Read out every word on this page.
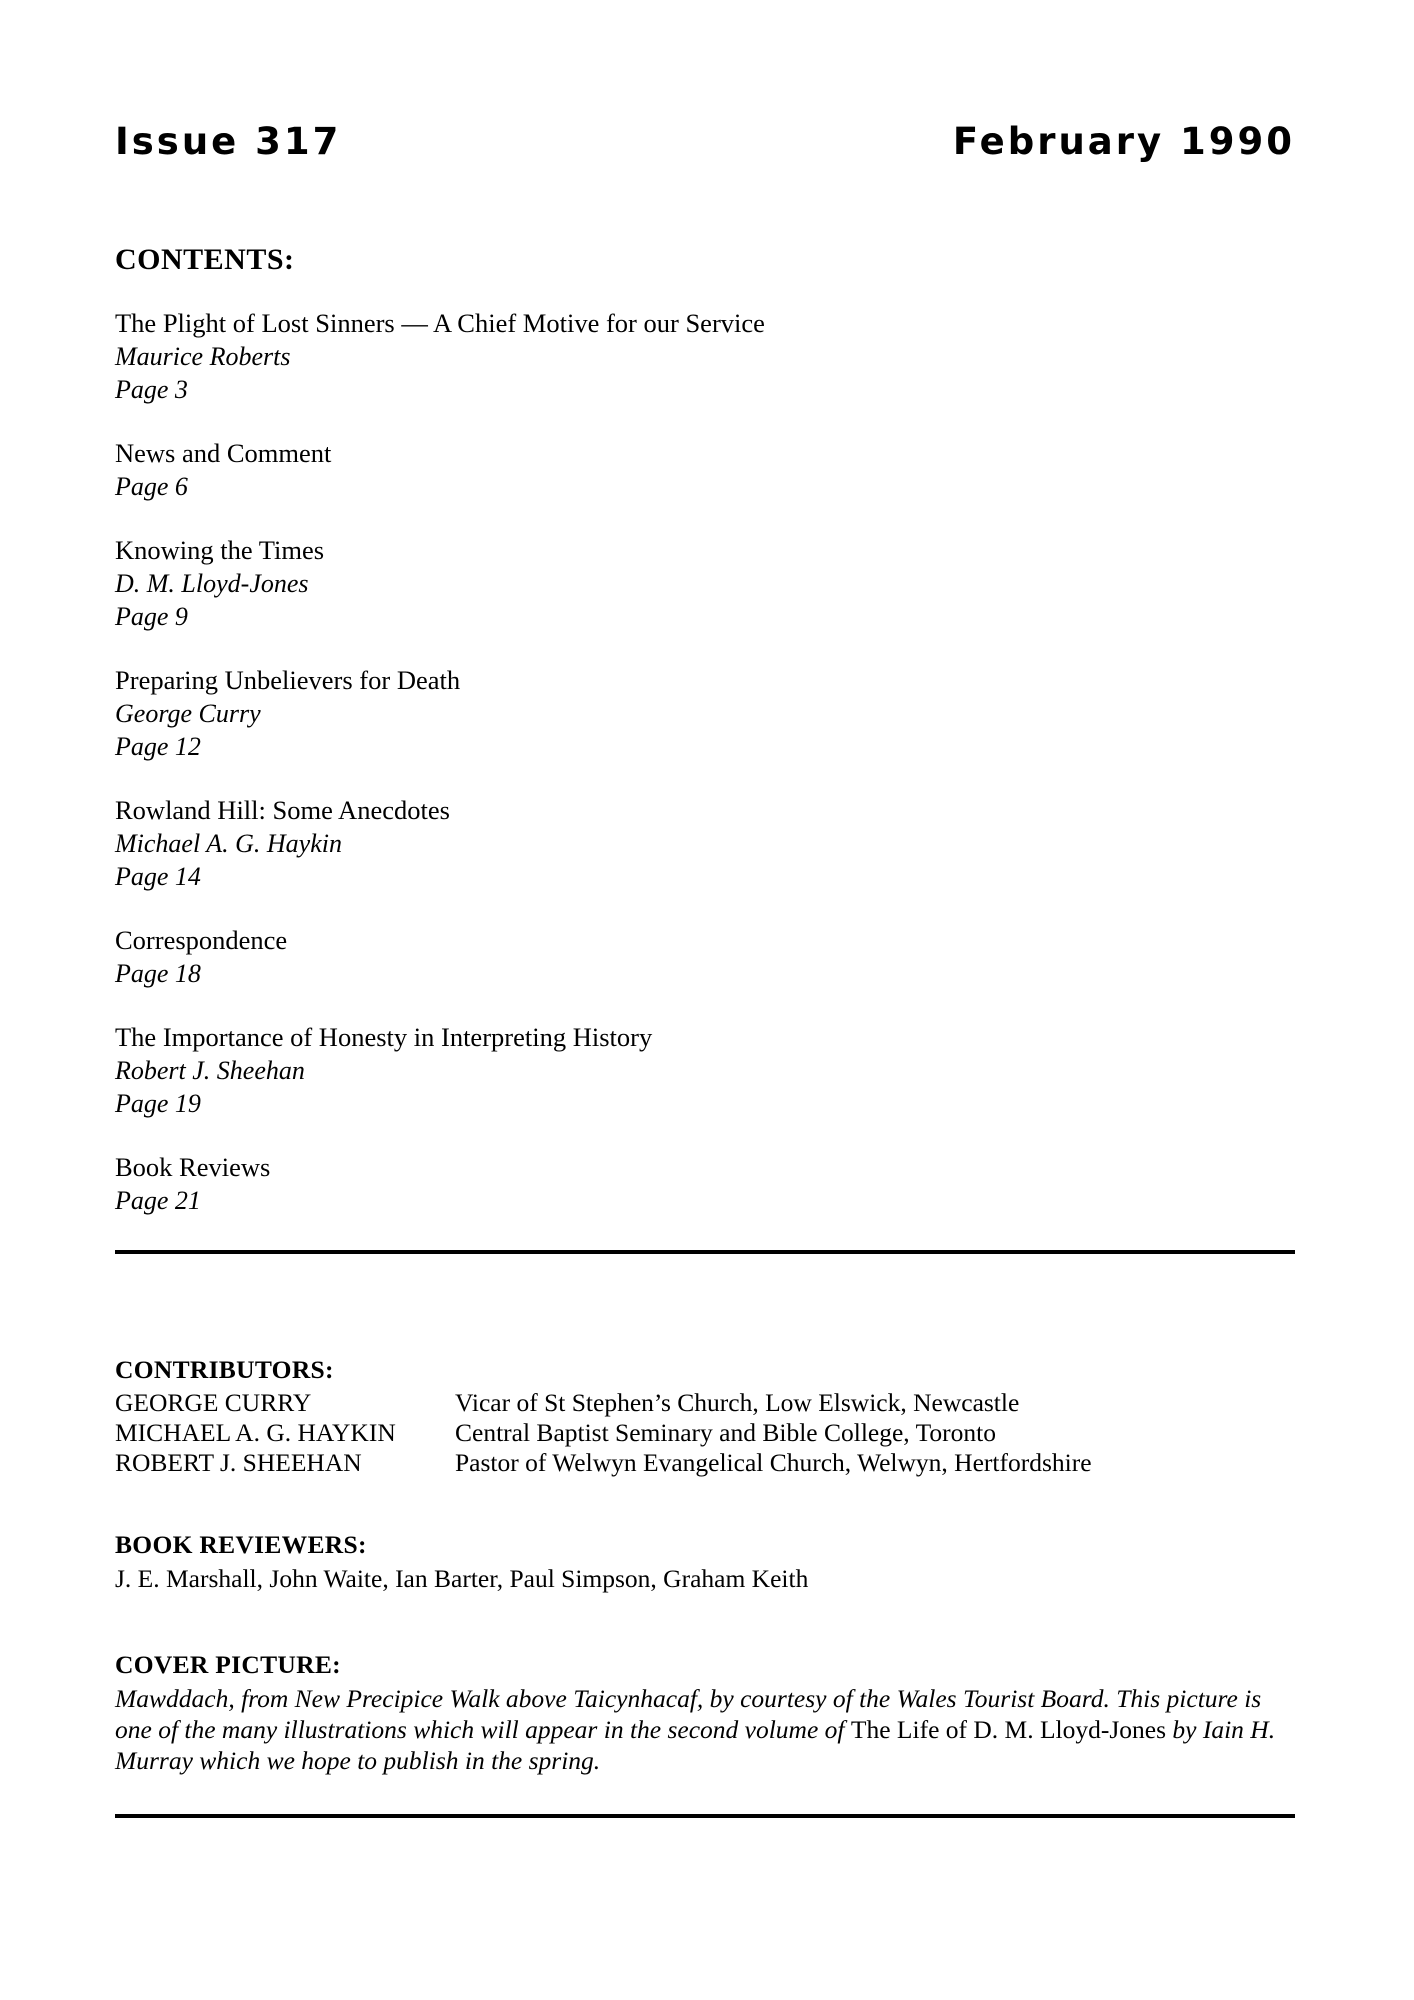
Issue 317	February 1990
CONTENTS:
The Plight of Lost Sinners — A Chief Motive for our Service
Maurice Roberts
Page 3
News and Comment
Page 6
Knowing the Times
D. M. Lloyd-Jones
Page 9
Preparing Unbelievers for Death
George Curry
Page 12
Rowland Hill: Some Anecdotes
Michael A. G. Haykin
Page 14
Correspondence
Page 18
The Importance of Honesty in Interpreting History
Robert J. Sheehan
Page 19
Book Reviews
Page 21
CONTRIBUTORS:
GEORGE CURRY	Vicar of St Stephen’s Church, Low Elswick, Newcastle
MICHAEL A. G. HAYKIN	Central Baptist Seminary and Bible College, Toronto
ROBERT J. SHEEHAN	Pastor of Welwyn Evangelical Church, Welwyn, Hertfordshire
BOOK REVIEWERS:
J. E. Marshall, John Waite, Ian Barter, Paul Simpson, Graham Keith
COVER PICTURE:
Mawddach, from New Precipice Walk above Taicynhacaf, by courtesy of the Wales Tourist Board. This picture is one of the many illustrations which will appear in the second volume of The Life of D. M. Lloyd-Jones by Iain H. Murray which we hope to publish in the spring.
